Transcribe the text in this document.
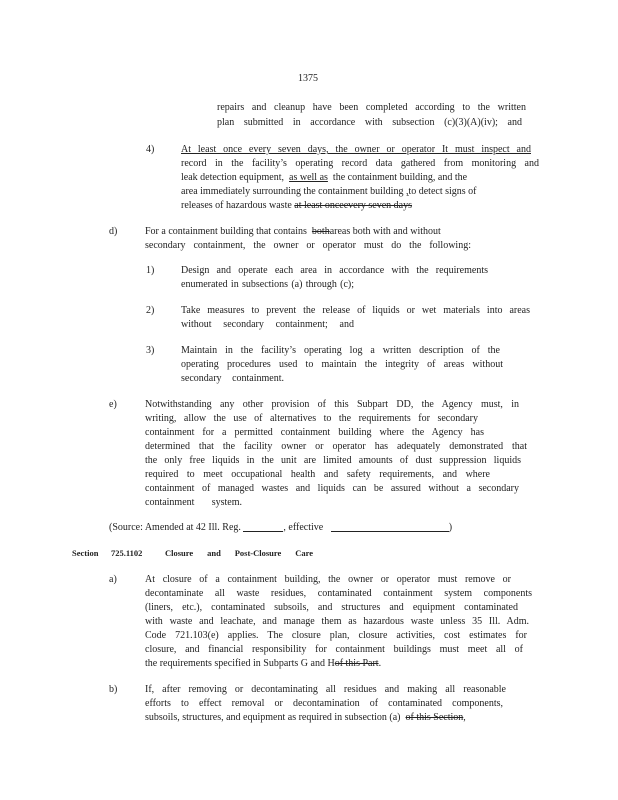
1375
repairs and cleanup have been completed according to the written
plan submitted in accordance with subsection (c)(3)(A)(iv); and
4)	At least once every seven days, the owner or operator It must inspect and
record in the facility’s operating record data gathered from monitoring and
leak detection equipment, as well as the containment building, and the
area immediately surrounding the containment building ,to detect signs of
releases of hazardous waste at least onceevery seven days
d)	For a containment building that contains bothareas both with and without
secondary containment, the owner or operator must do the following:
1)	Design and operate each area in accordance with the requirements
enumerated in subsections (a) through (c);
2)	Take measures to prevent the release of liquids or wet materials into areas
without secondary containment; and
3)	Maintain in the facility’s operating log a written description of the
operating procedures used to maintain the integrity of areas without
secondary containment.
e)	Notwithstanding any other provision of this Subpart DD, the Agency must, in
writing, allow the use of alternatives to the requirements for secondary
containment for a permitted containment building where the Agency has
determined that the facility owner or operator has adequately demonstrated that
the only free liquids in the unit are limited amounts of dust suppression liquids
required to meet occupational health and safety requirements, and where
containment of managed wastes and liquids can be assured without a secondary
containment system.
(Source: Amended at 42 Ill. Reg.	, effective	)
Section 725.1102	Closure and Post-Closure Care
a)	At closure of a containment building, the owner or operator must remove or
decontaminate all waste residues, contaminated containment system components
(liners, etc.), contaminated subsoils, and structures and equipment contaminated
with waste and leachate, and manage them as hazardous waste unless 35 Ill. Adm.
Code 721.103(e) applies. The closure plan, closure activities, cost estimates for
closure, and financial responsibility for containment buildings must meet all of
the requirements specified in Subparts G and Hof this Part.
b)	If, after removing or decontaminating all residues and making all reasonable
efforts to effect removal or decontamination of contaminated components,
subsoils, structures, and equipment as required in subsection (a) of this Section,
